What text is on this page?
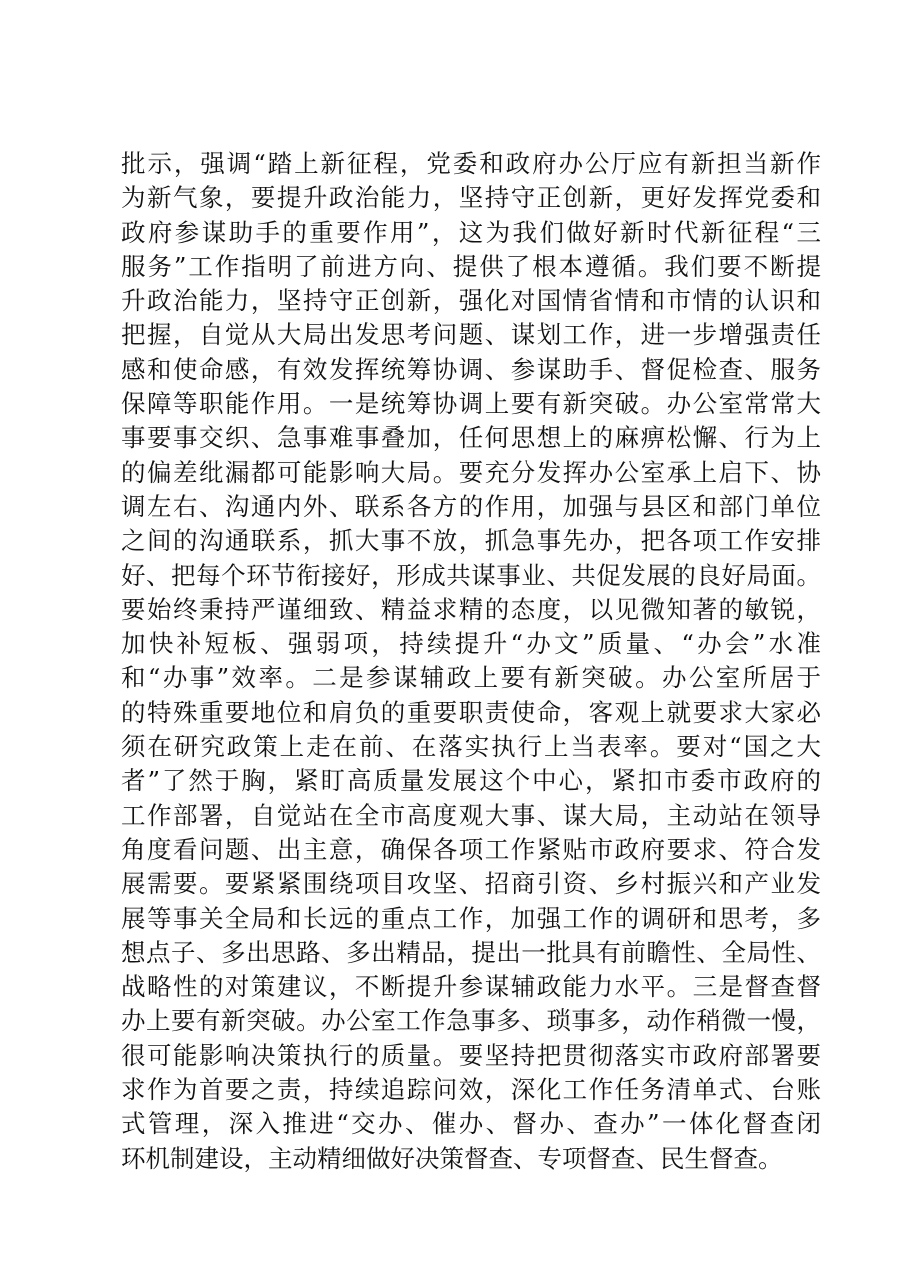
批示，强调“踏上新征程，党委和政府办公厅应有新担当新作
为新气象，要提升政治能力，坚持守正创新，更好发挥党委和
政府参谋助手的重要作用”，这为我们做好新时代新征程“三
服务”工作指明了前进方向、提供了根本遵循。我们要不断提
升政治能力，坚持守正创新，强化对国情省情和市情的认识和
把握，自觉从大局出发思考问题、谋划工作，进一步增强责任
感和使命感，有效发挥统筹协调、参谋助手、督促检查、服务
保障等职能作用。一是统筹协调上要有新突破。办公室常常大
事要事交织、急事难事叠加，任何思想上的麻痹松懈、行为上
的偏差纰漏都可能影响大局。要充分发挥办公室承上启下、协
调左右、沟通内外、联系各方的作用，加强与县区和部门单位
之间的沟通联系，抓大事不放，抓急事先办，把各项工作安排
好、把每个环节衔接好，形成共谋事业、共促发展的良好局面。
要始终秉持严谨细致、精益求精的态度，以见微知著的敏锐，
加快补短板、强弱项，持续提升“办文”质量、“办会”水准
和“办事”效率。二是参谋辅政上要有新突破。办公室所居于
的特殊重要地位和肩负的重要职责使命，客观上就要求大家必
须在研究政策上走在前、在落实执行上当表率。要对“国之大
者”了然于胸，紧盯高质量发展这个中心，紧扣市委市政府的
工作部署，自觉站在全市高度观大事、谋大局，主动站在领导
角度看问题、出主意，确保各项工作紧贴市政府要求、符合发
展需要。要紧紧围绕项目攻坚、招商引资、乡村振兴和产业发
展等事关全局和长远的重点工作，加强工作的调研和思考，多
想点子、多出思路、多出精品，提出一批具有前瞻性、全局性、
战略性的对策建议，不断提升参谋辅政能力水平。三是督查督
办上要有新突破。办公室工作急事多、琐事多，动作稍微一慢，
很可能影响决策执行的质量。要坚持把贯彻落实市政府部署要
求作为首要之责，持续追踪问效，深化工作任务清单式、台账
式管理，深入推进“交办、催办、督办、查办”一体化督查闭
环机制建设，主动精细做好决策督查、专项督查、民生督查。
